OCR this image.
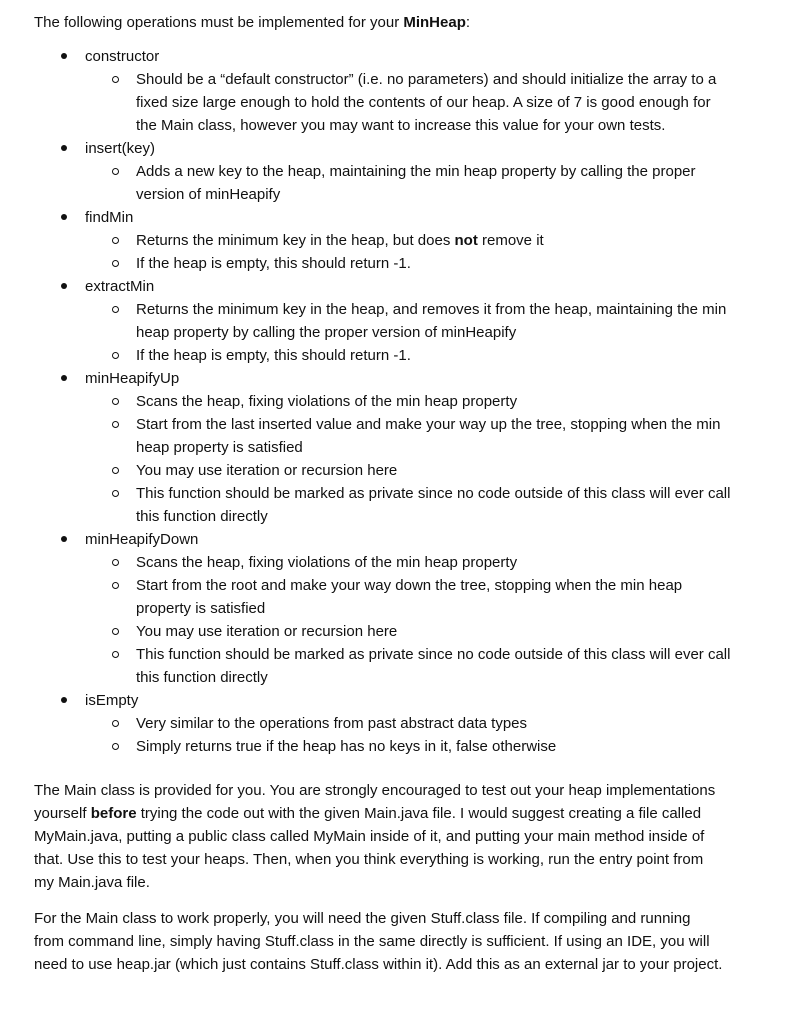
The following operations must be implemented for your MinHeap:
constructor
Should be a “default constructor” (i.e. no parameters) and should initialize the array to a
fixed size large enough to hold the contents of our heap. A size of 7 is good enough for
the Main class, however you may want to increase this value for your own tests.
insert(key)
Adds a new key to the heap, maintaining the min heap property by calling the proper
version of minHeapify
findMin
Returns the minimum key in the heap, but does not remove it
If the heap is empty, this should return -1.
extractMin
Returns the minimum key in the heap, and removes it from the heap, maintaining the min
heap property by calling the proper version of minHeapify
If the heap is empty, this should return -1.
minHeapifyUp
Scans the heap, fixing violations of the min heap property
Start from the last inserted value and make your way up the tree, stopping when the min
heap property is satisfied
You may use iteration or recursion here
This function should be marked as private since no code outside of this class will ever call
this function directly
minHeapifyDown
Scans the heap, fixing violations of the min heap property
Start from the root and make your way down the tree, stopping when the min heap
property is satisfied
You may use iteration or recursion here
This function should be marked as private since no code outside of this class will ever call
this function directly
isEmpty
Very similar to the operations from past abstract data types
Simply returns true if the heap has no keys in it, false otherwise
The Main class is provided for you. You are strongly encouraged to test out your heap implementations
yourself before trying the code out with the given Main.java file. I would suggest creating a file called
MyMain.java, putting a public class called MyMain inside of it, and putting your main method inside of
that. Use this to test your heaps. Then, when you think everything is working, run the entry point from
my Main.java file.
For the Main class to work properly, you will need the given Stuff.class file. If compiling and running
from command line, simply having Stuff.class in the same directly is sufficient. If using an IDE, you will
need to use heap.jar (which just contains Stuff.class within it). Add this as an external jar to your project.
